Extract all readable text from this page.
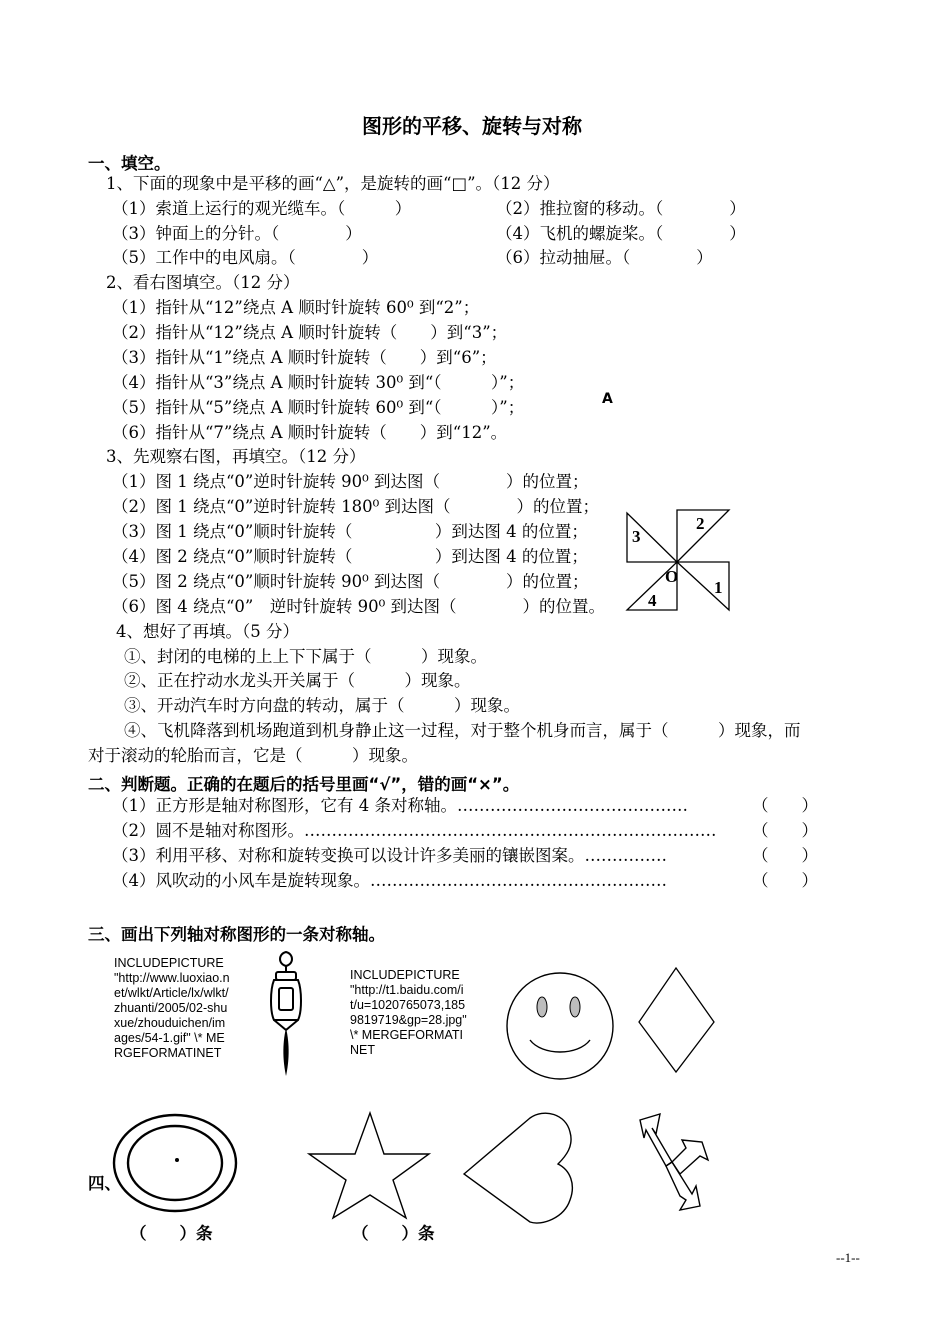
图形的平移、旋转与对称
一、填空。
1、下面的现象中是平移的画“△”，是旋转的画“□”。（12 分）
（1）索道上运行的观光缆车。（　　　）	（2）推拉窗的移动。（　　　　）
（3）钟面上的分针。（　　　　）	（4）飞机的螺旋桨。（　　　　）
（5）工作中的电风扇。（　　　　）	（6）拉动抽屉。（　　　　）
2、看右图填空。（12 分）
（1）指针从“12”绕点 A 顺时针旋转 60⁰ 到“2”；
（2）指针从“12”绕点 A 顺时针旋转（　　）到“3”；
（3）指针从“1”绕点 A 顺时针旋转（　　）到“6”；
（4）指针从“3”绕点 A 顺时针旋转 30⁰ 到“（　　　）”；
（5）指针从“5”绕点 A 顺时针旋转 60⁰ 到“（　　　）”；
（6）指针从“7”绕点 A 顺时针旋转（　　）到“12”。
A
3、先观察右图，再填空。（12 分）
（1）图 1 绕点“0”逆时针旋转 90⁰ 到达图（　　　　）的位置；
（2）图 1 绕点“0”逆时针旋转 180⁰ 到达图（　　　　）的位置；
（3）图 1 绕点“0”顺时针旋转（　　　　　）到达图 4 的位置；
（4）图 2 绕点“0”顺时针旋转（　　　　　）到达图 4 的位置；
（5）图 2 绕点“0”顺时针旋转 90⁰ 到达图（　　　　）的位置；
（6）图 4 绕点“0”　逆时针旋转 90⁰ 到达图（　　　　）的位置。
2
3
O
1
4
4、想好了再填。（5 分）
①、封闭的电梯的上上下下属于（　　　）现象。
②、正在拧动水龙头开关属于（　　　）现象。
③、开动汽车时方向盘的转动，属于（　　　）现象。
④、飞机降落到机场跑道到机身静止这一过程，对于整个机身而言，属于（　　　）现象，而
对于滚动的轮胎而言，它是（　　　）现象。
二、判断题。正确的在题后的括号里画“√”，错的画“×”。
（1）正方形是轴对称图形，它有 4 条对称轴。……………………………………	（　　）
（2）圆不是轴对称图形。………………………………………………………………… （　　）
（3）利用平移、对称和旋转变换可以设计许多美丽的镶嵌图案。……………	（　　）
（4）风吹动的小风车是旋转现象。………………………………………………	（　　）
三、画出下列轴对称图形的一条对称轴。
INCLUDEPICTURE "http://www.luoxiao.net/wlkt/Article/lx/wlkt/zhuanti/2005/02-shuxue/zhouduichen/images/54-1.gif" \* MERGEFORMATINET
INCLUDEPICTURE "http://t1.baidu.com/it/u=1020765073,1859819719&gp=28.jpg" \* MERGEFORMATINET
四、
（　　）条	（　　）条
--1--
